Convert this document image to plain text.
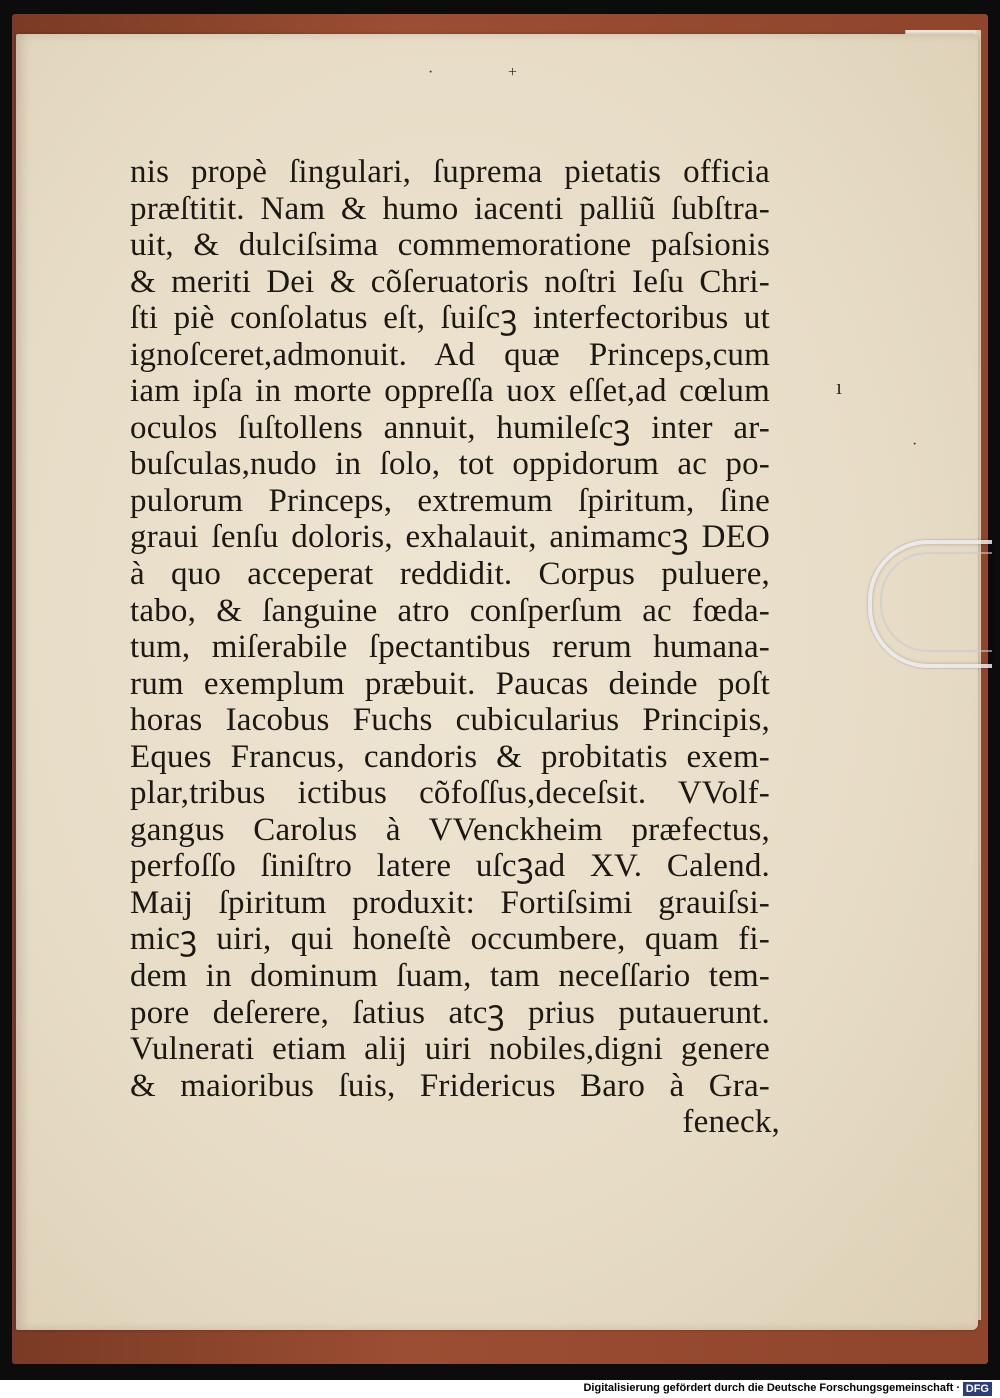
·	+
nis propè ſingulari, ſuprema pietatis officia
præſtitit. Nam & humo iacenti palliũ ſubſtra-
uit, & dulciſsima commemoratione paſsionis
& meriti Dei & cõſeruatoris noſtri Ieſu Chri-
ſti piè conſolatus eſt, ſuiſcꝫ interfectoribus ut
ignoſceret,admonuit. Ad quæ Princeps,cum
iam ipſa in morte oppreſſa uox eſſet,ad cœlum
oculos ſuſtollens annuit, humileſcꝫ inter ar-
buſculas,nudo in ſolo, tot oppidorum ac po-
pulorum Princeps, extremum ſpiritum, ſine
graui ſenſu doloris, exhalauit, animamcꝫ DEO
à quo acceperat reddidit. Corpus puluere,
tabo, & ſanguine atro conſperſum ac fœda-
tum, miſerabile ſpectantibus rerum humana-
rum exemplum præbuit. Paucas deinde poſt
horas Iacobus Fuchs cubicularius Principis,
Eques Francus, candoris & probitatis exem-
plar,tribus ictibus cõfoſſus,deceſsit. VVolf-
gangus Carolus à VVenckheim præfectus,
perfoſſo ſiniſtro latere uſcꝫad XV. Calend.
Maij ſpiritum produxit: Fortiſsimi grauiſsi-
micꝫ uiri, qui honeſtè occumbere, quam fi-
dem in dominum ſuam, tam neceſſario tem-
pore deſerere, ſatius atcꝫ prius putauerunt.
Vulnerati etiam alij uiri nobiles,digni genere
& maioribus ſuis, Fridericus Baro à Gra-
feneck,
ı
·
Digitalisierung gefördert durch die Deutsche Forschungsgemeinschaft · DFG
